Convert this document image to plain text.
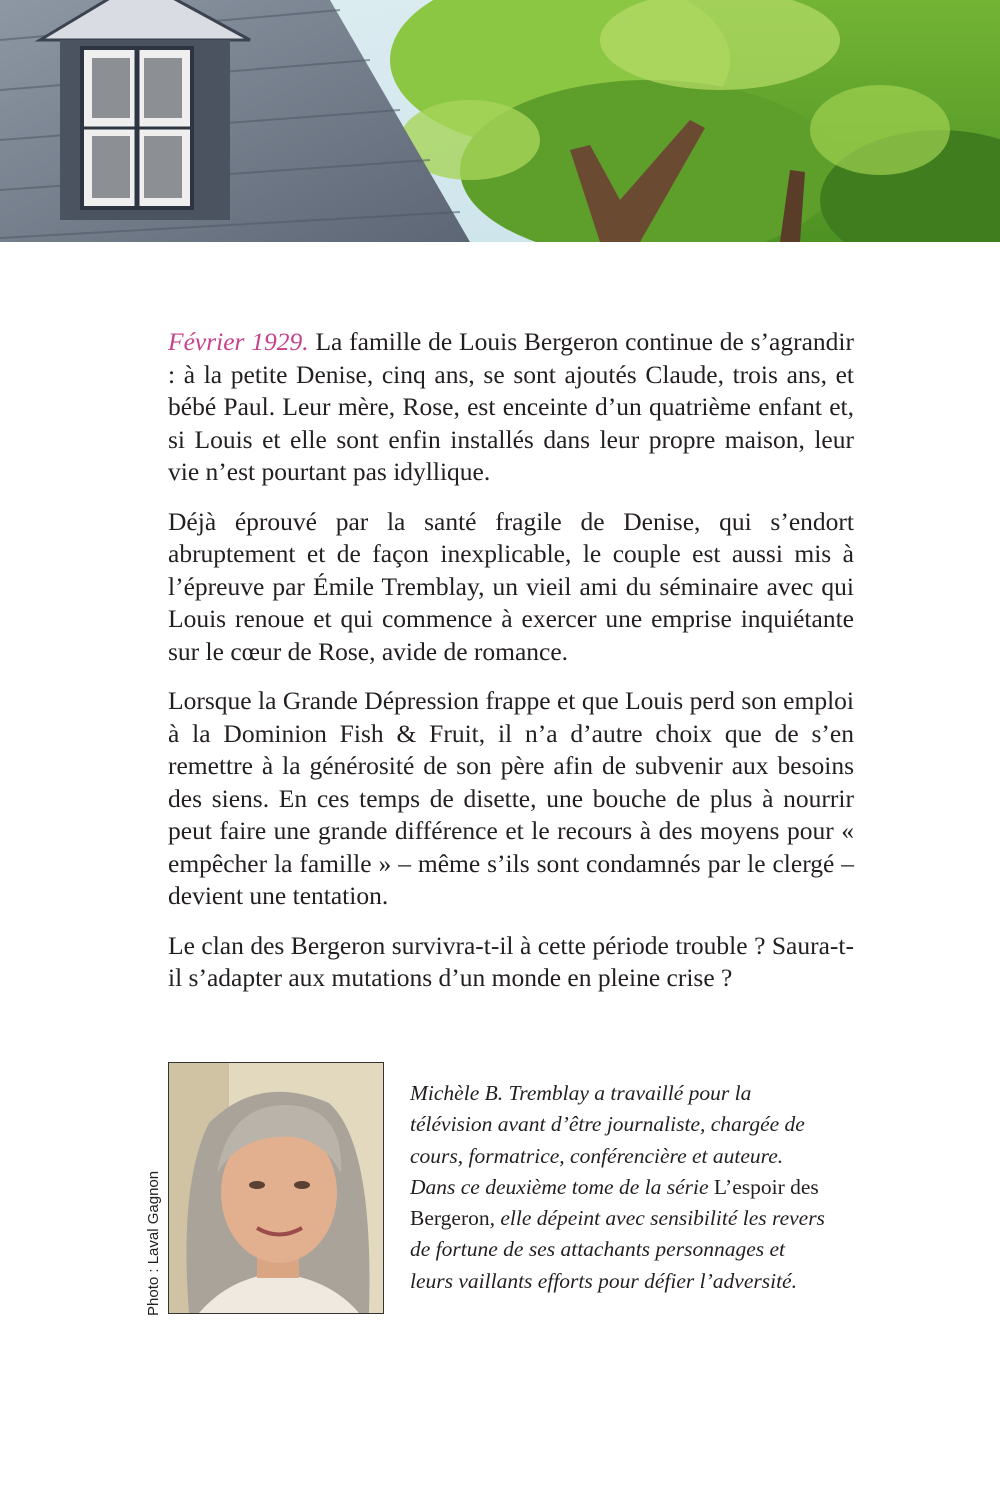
Février 1929. La famille de Louis Bergeron continue de s’agrandir : à la petite Denise, cinq ans, se sont ajoutés Claude, trois ans, et bébé Paul. Leur mère, Rose, est enceinte d’un quatrième enfant et, si Louis et elle sont enfin installés dans leur propre maison, leur vie n’est pourtant pas idyllique.

Déjà éprouvé par la santé fragile de Denise, qui s’endort abruptement et de façon inexplicable, le couple est aussi mis à l’épreuve par Émile Tremblay, un vieil ami du séminaire avec qui Louis renoue et qui commence à exercer une emprise inquiétante sur le cœur de Rose, avide de romance.

Lorsque la Grande Dépression frappe et que Louis perd son emploi à la Dominion Fish & Fruit, il n’a d’autre choix que de s’en remettre à la générosité de son père afin de subvenir aux besoins des siens. En ces temps de disette, une bouche de plus à nourrir peut faire une grande différence et le recours à des moyens pour « empêcher la famille » – même s’ils sont condamnés par le clergé – devient une tentation.

Le clan des Bergeron survivra-t-il à cette période trouble ? Saura-t-il s’adapter aux mutations d’un monde en pleine crise ?

Photo : Laval Gagnon
Michèle B. Tremblay a travaillé pour la télévision avant d’être journaliste, chargée de cours, formatrice, conférencière et auteure. Dans ce deuxième tome de la série L’espoir des Bergeron, elle dépeint avec sensibilité les revers de fortune de ses attachants personnages et leurs vaillants efforts pour défier l’adversité.
